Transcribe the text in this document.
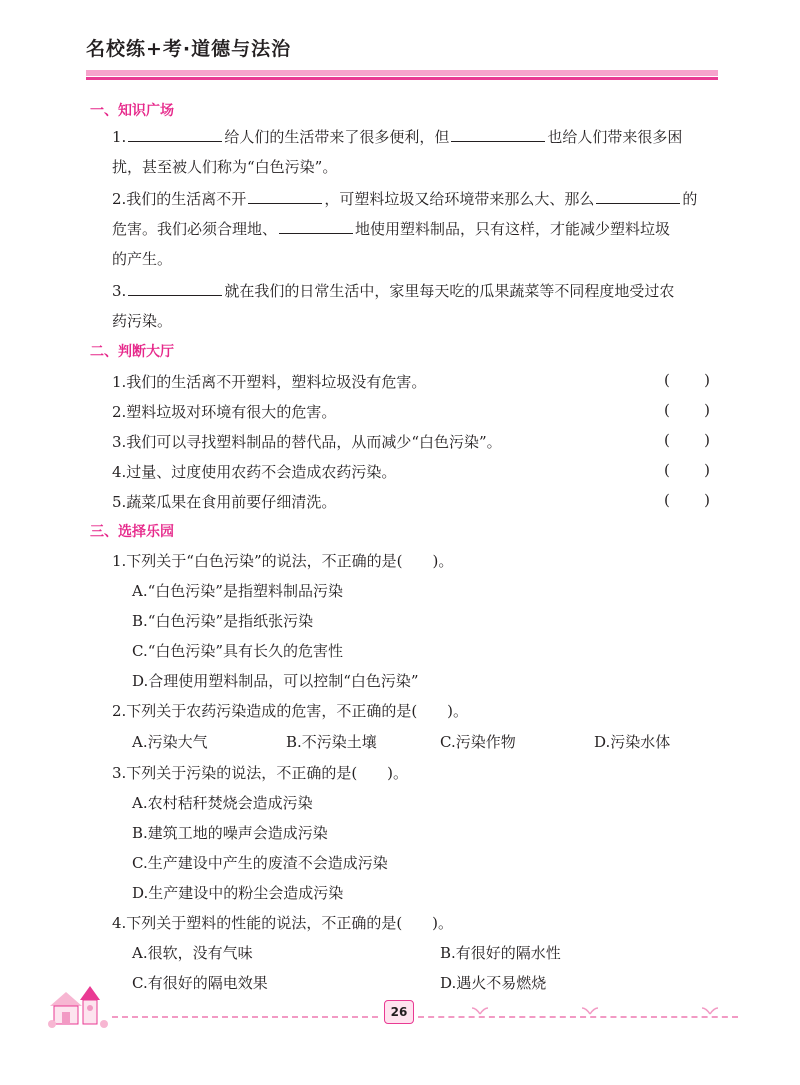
名校练+考·道德与法治
一、知识广场
1.	给人们的生活带来了很多便利，但	也给人们带来很多困
扰，甚至被人们称为“白色污染”。
2.我们的生活离不开	，可塑料垃圾又给环境带来那么大、那么	的
危害。我们必须合理地、	地使用塑料制品，只有这样，才能减少塑料垃圾
的产生。
3.	就在我们的日常生活中，家里每天吃的瓜果蔬菜等不同程度地受过农
药污染。
二、判断大厅
1.我们的生活离不开塑料，塑料垃圾没有危害。	( )
2.塑料垃圾对环境有很大的危害。	( )
3.我们可以寻找塑料制品的替代品，从而减少“白色污染”。	( )
4.过量、过度使用农药不会造成农药污染。	( )
5.蔬菜瓜果在食用前要仔细清洗。	( )
三、选择乐园
1.下列关于“白色污染”的说法，不正确的是(　　)。
A.“白色污染”是指塑料制品污染
B.“白色污染”是指纸张污染
C.“白色污染”具有长久的危害性
D.合理使用塑料制品，可以控制“白色污染”
2.下列关于农药污染造成的危害，不正确的是(　　)。
A.污染大气	B.不污染土壤	C.污染作物	D.污染水体
3.下列关于污染的说法，不正确的是(　　)。
A.农村秸秆焚烧会造成污染
B.建筑工地的噪声会造成污染
C.生产建设中产生的废渣不会造成污染
D.生产建设中的粉尘会造成污染
4.下列关于塑料的性能的说法，不正确的是(　　)。
A.很软，没有气味	B.有很好的隔水性
C.有很好的隔电效果	D.遇火不易燃烧
26
